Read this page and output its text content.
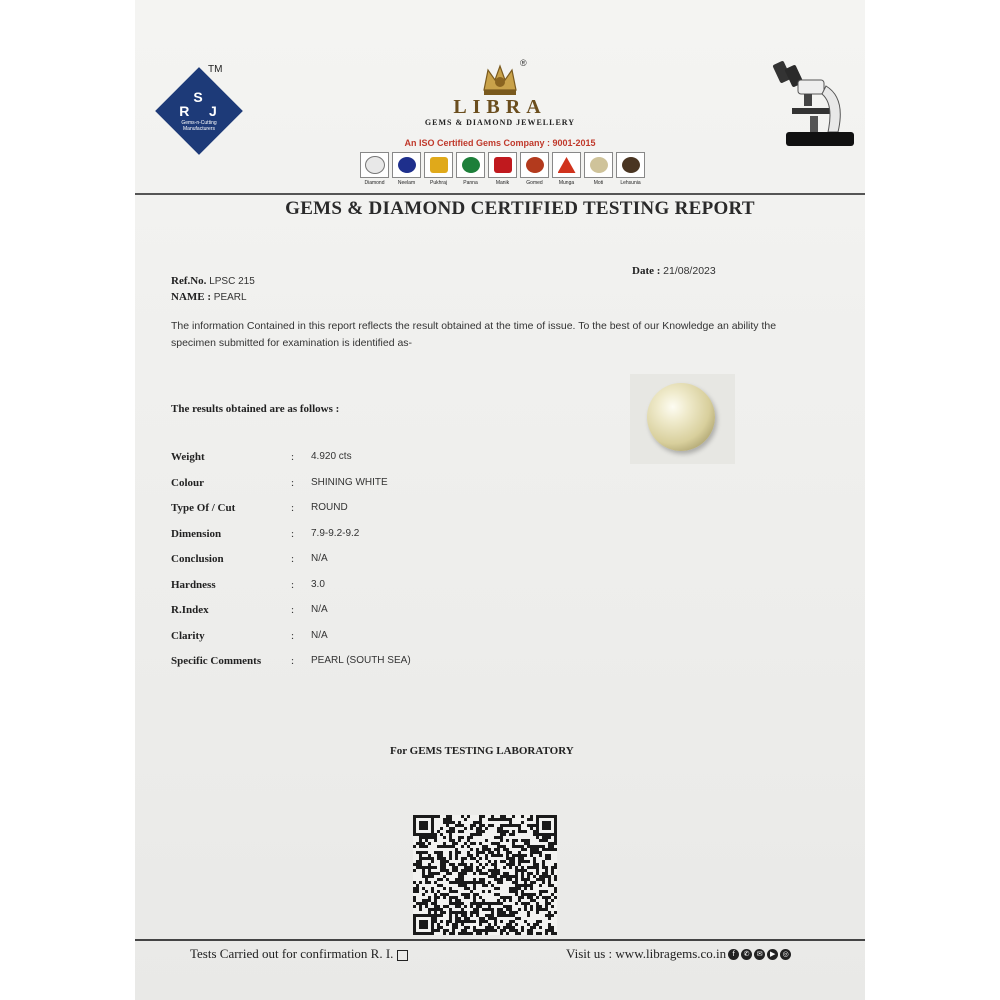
S
R   J
Gems-n-Cutting Manufacturers
TM
®
LIBRA
GEMS & DIAMOND JEWELLERY
An ISO Certified Gems Company : 9001-2015
Diamond	Neelam	Pukhraj	Panna	Manik	Gomed	Munga	Moti	Lehsunia
GEMS & DIAMOND CERTIFIED TESTING REPORT
Ref.No. LPSC 215
NAME : PEARL
Date : 21/08/2023
The information Contained in this report reflects the result obtained at the time of issue. To the best of our Knowledge an ability the specimen submitted for examination is identified as-
The results obtained are as follows :
Weight	: 4.920 cts
Colour	: SHINING WHITE
Type Of / Cut	: ROUND
Dimension	: 7.9-9.2-9.2
Conclusion	: N/A
Hardness	: 3.0
R.Index	: N/A
Clarity	: N/A
Specific Comments	: PEARL (SOUTH SEA)
For GEMS TESTING LABORATORY
Tests Carried out for confirmation R. I.	Visit us : www.libragems.co.in f	✆	✉	▶	◎
